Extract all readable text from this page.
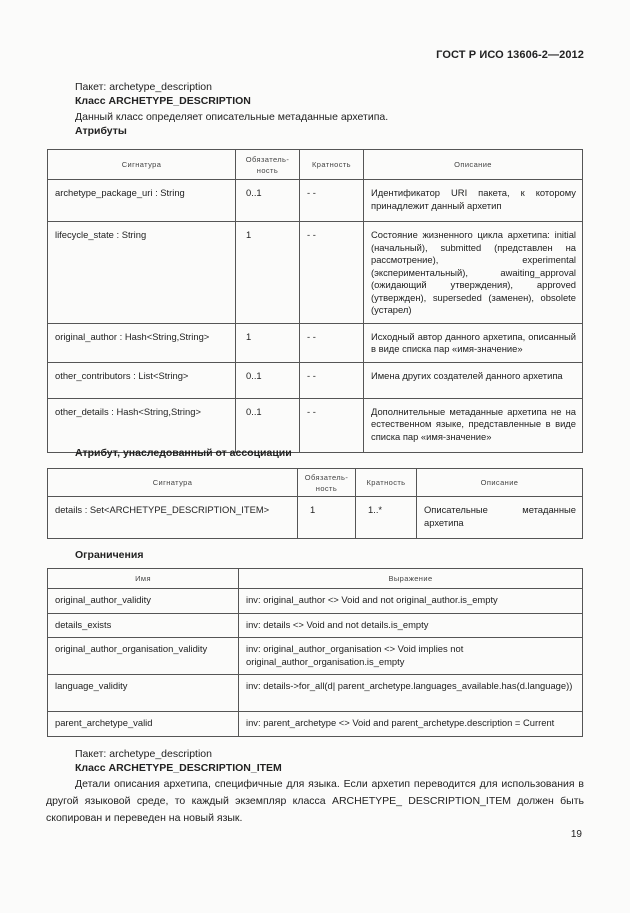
ГОСТ Р ИСО 13606-2—2012
Пакет: archetype_description
Класс ARCHETYPE_DESCRIPTION
Данный класс определяет описательные метаданные архетипа.
Атрибуты
Сигнатура	Обязатель-ность	Кратность	Описание
archetype_package_uri : String	0..1	- -	Идентификатор URI пакета, к которому принадлежит данный архетип
lifecycle_state : String	1	- -	Состояние жизненного цикла архетипа: initial (начальный), submitted (представлен на рассмотрение), experimental (экспериментальный), awaiting_approval (ожидающий утверждения), approved (утвержден), superseded (заменен), obsolete (устарел)
original_author : Hash<String,String>	1	- -	Исходный автор данного архетипа, описанный в виде списка пар «имя-значение»
other_contributors : List<String>	0..1	- -	Имена других создателей данного архетипа
other_details : Hash<String,String>	0..1	- -	Дополнительные метаданные архетипа не на естественном языке, представленные в виде списка пар «имя-значение»
Атрибут, унаследованный от ассоциации
Сигнатура	Обязатель-ность	Кратность	Описание
details : Set<ARCHETYPE_DESCRIPTION_ITEM>	1	1..*	Описательные метаданные архетипа
Ограничения
Имя	Выражение
original_author_validity	inv: original_author <> Void and not original_author.is_empty
details_exists	inv: details <> Void and not details.is_empty
original_author_organisation_validity	inv: original_author_organisation <> Void implies not original_author_organisation.is_empty
language_validity	inv: details->for_all(d| parent_archetype.languages_available.has(d.language))
parent_archetype_valid	inv: parent_archetype <> Void and parent_archetype.description = Current
Пакет: archetype_description
Класс ARCHETYPE_DESCRIPTION_ITEM
Детали описания архетипа, специфичные для языка. Если архетип переводится для использования в другой языковой среде, то каждый экземпляр класса ARCHETYPE_ DESCRIPTION_ITEM должен быть скопирован и переведен на новый язык.
19
